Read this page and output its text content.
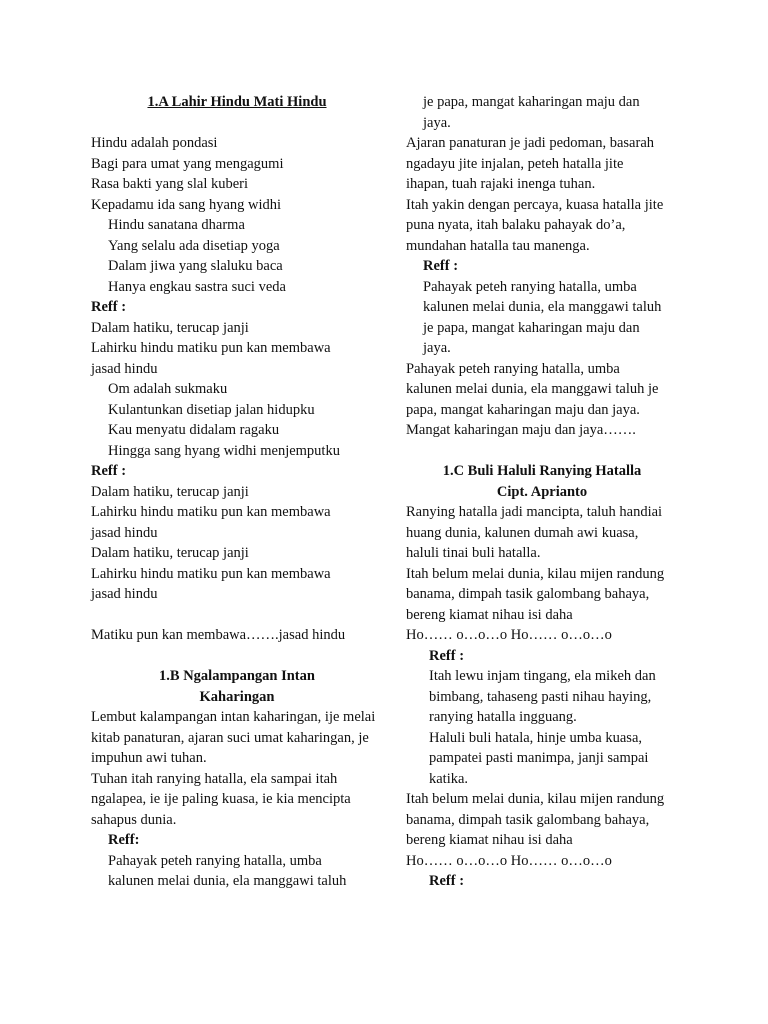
1.A Lahir Hindu Mati Hindu
Hindu adalah pondasi
Bagi para umat yang mengagumi
Rasa bakti yang slal kuberi
Kepadamu ida sang hyang widhi
Hindu sanatana dharma
Yang selalu ada disetiap yoga
Dalam jiwa yang slaluku baca
Hanya engkau sastra suci veda
Reff :
Dalam hatiku, terucap janji
Lahirku hindu matiku pun kan membawa
jasad hindu
Om adalah sukmaku
Kulantunkan disetiap jalan hidupku
Kau menyatu didalam ragaku
Hingga sang hyang widhi menjemputku
Reff :
Dalam hatiku, terucap janji
Lahirku hindu matiku pun kan membawa
jasad hindu
Dalam hatiku, terucap janji
Lahirku hindu matiku pun kan membawa
jasad hindu
Matiku pun kan membawa…….jasad hindu
1.B Ngalampangan Intan
Kaharingan
Lembut kalampangan intan kaharingan, ije melai kitab panaturan, ajaran suci umat kaharingan, je impuhun awi tuhan.
Tuhan itah ranying hatalla, ela sampai itah ngalapea, ie ije paling kuasa, ie kia mencipta sahapus dunia.
Reff:
Pahayak peteh ranying hatalla, umba
kalunen melai dunia, ela manggawi taluh
je papa, mangat kaharingan maju dan
jaya.
Ajaran panaturan je jadi pedoman, basarah
ngadayu jite injalan, peteh hatalla jite
ihapan, tuah rajaki inenga tuhan.
Itah yakin dengan percaya, kuasa hatalla jite
puna nyata, itah balaku pahayak do’a,
mundahan hatalla tau manenga.
Reff :
Pahayak peteh ranying hatalla, umba
kalunen melai dunia, ela manggawi taluh
je papa, mangat kaharingan maju dan
jaya.
Pahayak peteh ranying hatalla, umba
kalunen melai dunia, ela manggawi taluh je
papa, mangat kaharingan maju dan jaya.
Mangat kaharingan maju dan jaya…….
1.C Buli Haluli Ranying Hatalla
Cipt. Aprianto
Ranying hatalla jadi mancipta, taluh handiai
huang dunia, kalunen dumah awi kuasa,
haluli tinai buli hatalla.
Itah belum melai dunia, kilau mijen randung
banama, dimpah tasik galombang bahaya,
bereng kiamat nihau isi daha
Ho…… o…o…o Ho…… o…o…o
Reff :
Itah lewu injam tingang, ela mikeh dan
bimbang, tahaseng pasti nihau haying,
ranying hatalla ingguang.
Haluli buli hatala, hinje umba kuasa,
pampatei pasti manimpa, janji sampai
katika.
Itah belum melai dunia, kilau mijen randung
banama, dimpah tasik galombang bahaya,
bereng kiamat nihau isi daha
Ho…… o…o…o Ho…… o…o…o
Reff :
